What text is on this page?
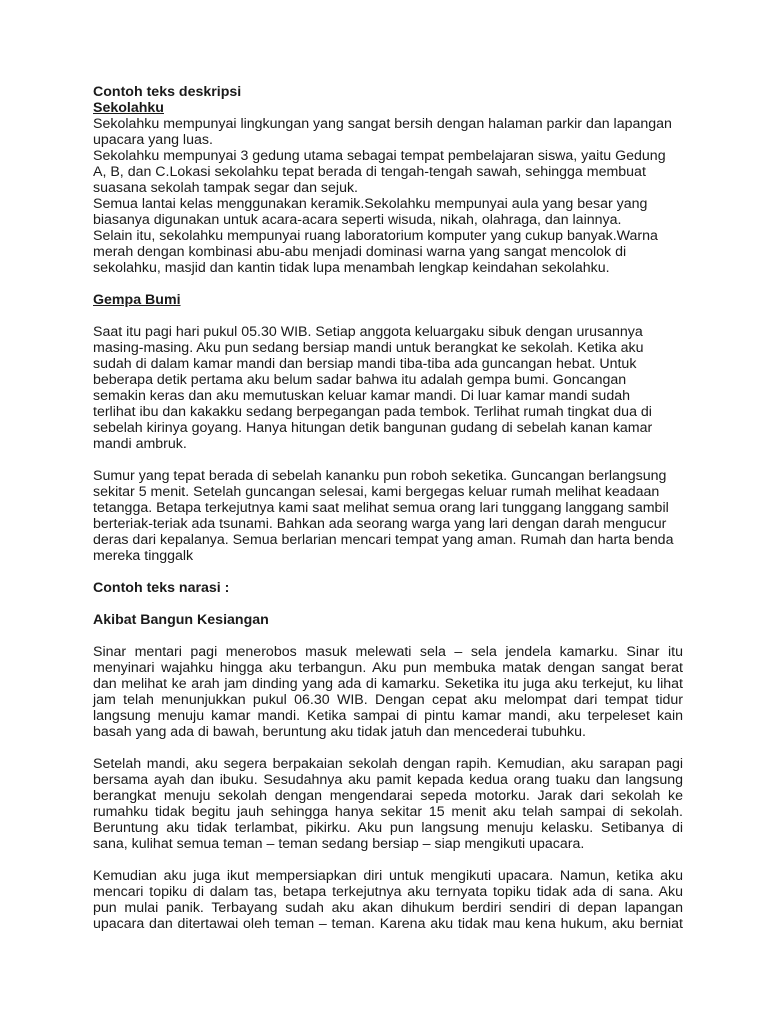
Contoh teks deskripsi
Sekolahku
Sekolahku mempunyai lingkungan yang sangat bersih dengan halaman parkir dan lapangan
upacara yang luas.
Sekolahku mempunyai 3 gedung utama sebagai tempat pembelajaran siswa, yaitu Gedung
A, B, dan C.Lokasi sekolahku tepat berada di tengah-tengah sawah, sehingga membuat
suasana sekolah tampak segar dan sejuk.
Semua lantai kelas menggunakan keramik.Sekolahku mempunyai aula yang besar yang
biasanya digunakan untuk acara-acara seperti wisuda, nikah, olahraga, dan lainnya.
Selain itu, sekolahku mempunyai ruang laboratorium komputer yang cukup banyak.Warna
merah dengan kombinasi abu-abu menjadi dominasi warna yang sangat mencolok di
sekolahku, masjid dan kantin tidak lupa menambah lengkap keindahan sekolahku.
Gempa Bumi
Saat itu pagi hari pukul 05.30 WIB. Setiap anggota keluargaku sibuk dengan urusannya
masing-masing. Aku pun sedang bersiap mandi untuk berangkat ke sekolah. Ketika aku
sudah di dalam kamar mandi dan bersiap mandi tiba-tiba ada guncangan hebat. Untuk
beberapa detik pertama aku belum sadar bahwa itu adalah gempa bumi. Goncangan
semakin keras dan aku memutuskan keluar kamar mandi. Di luar kamar mandi sudah
terlihat ibu dan kakakku sedang berpegangan pada tembok. Terlihat rumah tingkat dua di
sebelah kirinya goyang. Hanya hitungan detik bangunan gudang di sebelah kanan kamar
mandi ambruk.
Sumur yang tepat berada di sebelah kananku pun roboh seketika. Guncangan berlangsung
sekitar 5 menit. Setelah guncangan selesai, kami bergegas keluar rumah melihat keadaan
tetangga. Betapa terkejutnya kami saat melihat semua orang lari tunggang langgang sambil
berteriak-teriak ada tsunami. Bahkan ada seorang warga yang lari dengan darah mengucur
deras dari kepalanya. Semua berlarian mencari tempat yang aman. Rumah dan harta benda
mereka tinggalk
Contoh teks narasi :
Akibat Bangun Kesiangan
Sinar mentari pagi menerobos masuk melewati sela – sela jendela kamarku. Sinar itu
menyinari wajahku hingga aku terbangun. Aku pun membuka matak dengan sangat berat
dan melihat ke arah jam dinding yang ada di kamarku. Seketika itu juga aku terkejut, ku lihat
jam telah menunjukkan pukul 06.30 WIB. Dengan cepat aku melompat dari tempat tidur
langsung menuju kamar mandi. Ketika sampai di pintu kamar mandi, aku terpeleset kain
basah yang ada di bawah, beruntung aku tidak jatuh dan mencederai tubuhku.
Setelah mandi, aku segera berpakaian sekolah dengan rapih. Kemudian, aku sarapan pagi
bersama ayah dan ibuku. Sesudahnya aku pamit kepada kedua orang tuaku dan langsung
berangkat menuju sekolah dengan mengendarai sepeda motorku. Jarak dari sekolah ke
rumahku tidak begitu jauh sehingga hanya sekitar 15 menit aku telah sampai di sekolah.
Beruntung aku tidak terlambat, pikirku. Aku pun langsung menuju kelasku. Setibanya di
sana, kulihat semua teman – teman sedang bersiap – siap mengikuti upacara.
Kemudian aku juga ikut mempersiapkan diri untuk mengikuti upacara. Namun, ketika aku
mencari topiku di dalam tas, betapa terkejutnya aku ternyata topiku tidak ada di sana. Aku
pun mulai panik. Terbayang sudah aku akan dihukum berdiri sendiri di depan lapangan
upacara dan ditertawai oleh teman – teman. Karena aku tidak mau kena hukum, aku berniat
